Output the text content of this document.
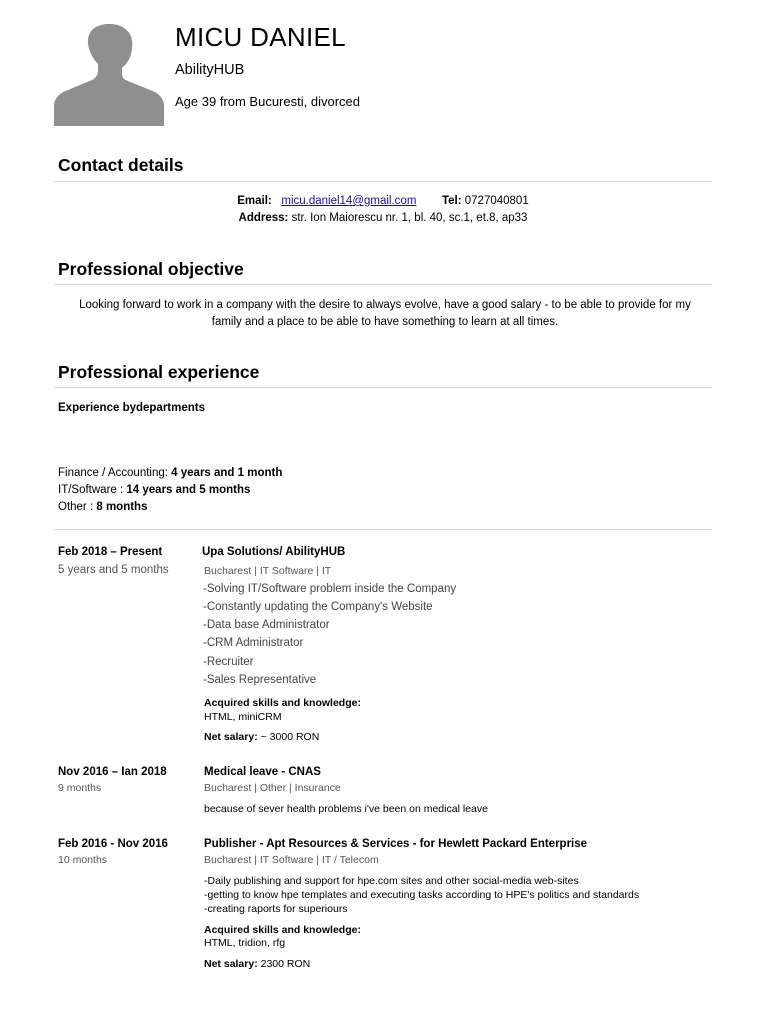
MICU DANIEL
AbilityHUB
Age 39 from Bucuresti, divorced
Contact details
Email: micu.daniel14@gmail.com Tel: 0727040801
Address: str. Ion Maiorescu nr. 1, bl. 40, sc.1, et.8, ap33
Professional objective
Looking forward to work in a company with the desire to always evolve, have a good salary - to be able to provide for my family and a place to be able to have something to learn at all times.
Professional experience
Experience bydepartments
Finance / Accounting: 4 years and 1 month
IT/Software : 14 years and 5 months
Other : 8 months
Feb 2018 – Present
5 years and 5 months
Upa Solutions/ AbilityHUB
Bucharest | IT Software | IT
-Solving IT/Software problem inside the Company
-Constantly updating the Company's Website
-Data base Administrator
-CRM Administrator
-Recruiter
-Sales Representative
Acquired skills and knowledge:
HTML, miniCRM
Net salary: ~ 3000 RON
Nov 2016 – Ian 2018
9 months
Medical leave - CNAS
Bucharest | Other | Insurance
because of sever health problems i've been on medical leave
Feb 2016 - Nov 2016
10 months
Publisher - Apt Resources & Services - for Hewlett Packard Enterprise
Bucharest | IT Software | IT / Telecom
-Daily publishing and support for hpe.com sites and other social-media web-sites
-getting to know hpe templates and executing tasks according to HPE's politics and standards
-creating raports for superiours
Acquired skills and knowledge:
HTML, tridion, rfg
Net salary: 2300 RON
